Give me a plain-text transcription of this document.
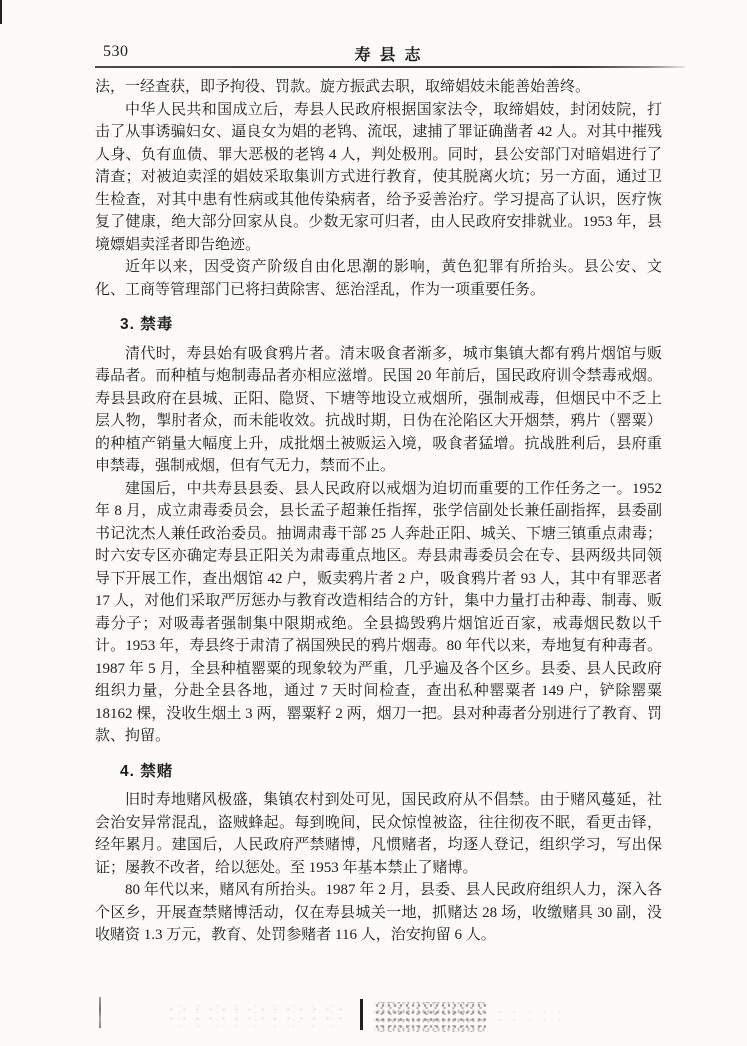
530	寿县志

法，一经查获，即予拘役、罚款。旋方振武去职，取缔娼妓未能善始善终。

中华人民共和国成立后，寿县人民政府根据国家法令，取缔娼妓，封闭妓院，打击了从事诱骗妇女、逼良女为娼的老鸨、流氓，逮捕了罪证确凿者 42 人。对其中摧残人身、负有血债、罪大恶极的老鸨 4 人，判处极刑。同时，县公安部门对暗娼进行了清查；对被迫卖淫的娼妓采取集训方式进行教育，使其脱离火坑；另一方面，通过卫生检查，对其中患有性病或其他传染病者，给予妥善治疗。学习提高了认识，医疗恢复了健康，绝大部分回家从良。少数无家可归者，由人民政府安排就业。1953 年，县境嫖娼卖淫者即告绝迹。

近年以来，因受资产阶级自由化思潮的影响，黄色犯罪有所抬头。县公安、文化、工商等管理部门已将扫黄除害、惩治淫乱，作为一项重要任务。

3. 禁毒

清代时，寿县始有吸食鸦片者。清末吸食者渐多，城市集镇大都有鸦片烟馆与贩毒品者。而种植与炮制毒品者亦相应滋增。民国 20 年前后，国民政府训令禁毒戒烟。寿县县政府在县城、正阳、隐贤、下塘等地设立戒烟所，强制戒毒，但烟民中不乏上层人物，掣肘者众，而未能收效。抗战时期，日伪在沦陷区大开烟禁，鸦片（罂粟）的种植产销量大幅度上升，成批烟土被贩运入境，吸食者猛增。抗战胜利后，县府重申禁毒，强制戒烟，但有气无力，禁而不止。

建国后，中共寿县县委、县人民政府以戒烟为迫切而重要的工作任务之一。1952 年 8 月，成立肃毒委员会，县长孟子超兼任指挥，张学信副处长兼任副指挥，县委副书记沈杰人兼任政治委员。抽调肃毒干部 25 人奔赴正阳、城关、下塘三镇重点肃毒；时六安专区亦确定寿县正阳关为肃毒重点地区。寿县肃毒委员会在专、县两级共同领导下开展工作，查出烟馆 42 户，贩卖鸦片者 2 户，吸食鸦片者 93 人，其中有罪恶者 17 人，对他们采取严厉惩办与教育改造相结合的方针，集中力量打击种毒、制毒、贩毒分子；对吸毒者强制集中限期戒绝。全县捣毁鸦片烟馆近百家，戒毒烟民数以千计。1953 年，寿县终于肃清了祸国殃民的鸦片烟毒。80 年代以来，寿地复有种毒者。1987 年 5 月，全县种植罂粟的现象较为严重，几乎遍及各个区乡。县委、县人民政府组织力量，分赴全县各地，通过 7 天时间检查，查出私种罂粟者 149 户，铲除罂粟 18162 棵，没收生烟土 3 两，罂粟籽 2 两，烟刀一把。县对种毒者分别进行了教育、罚款、拘留。

4. 禁赌

旧时寿地赌风极盛，集镇农村到处可见，国民政府从不倡禁。由于赌风蔓延，社会治安异常混乱，盗贼蜂起。每到晚间，民众惊惶被盗，往往彻夜不眠，看更击铎，经年累月。建国后，人民政府严禁赌博，凡惯赌者，均逐人登记，组织学习，写出保证；屡教不改者，给以惩处。至 1953 年基本禁止了赌博。

80 年代以来，赌风有所抬头。1987 年 2 月，县委、县人民政府组织人力，深入各个区乡，开展查禁赌博活动，仅在寿县城关一地，抓赌达 28 场，收缴赌具 30 副，没收赌资 1.3 万元，教育、处罚参赌者 116 人，治安拘留 6 人。
